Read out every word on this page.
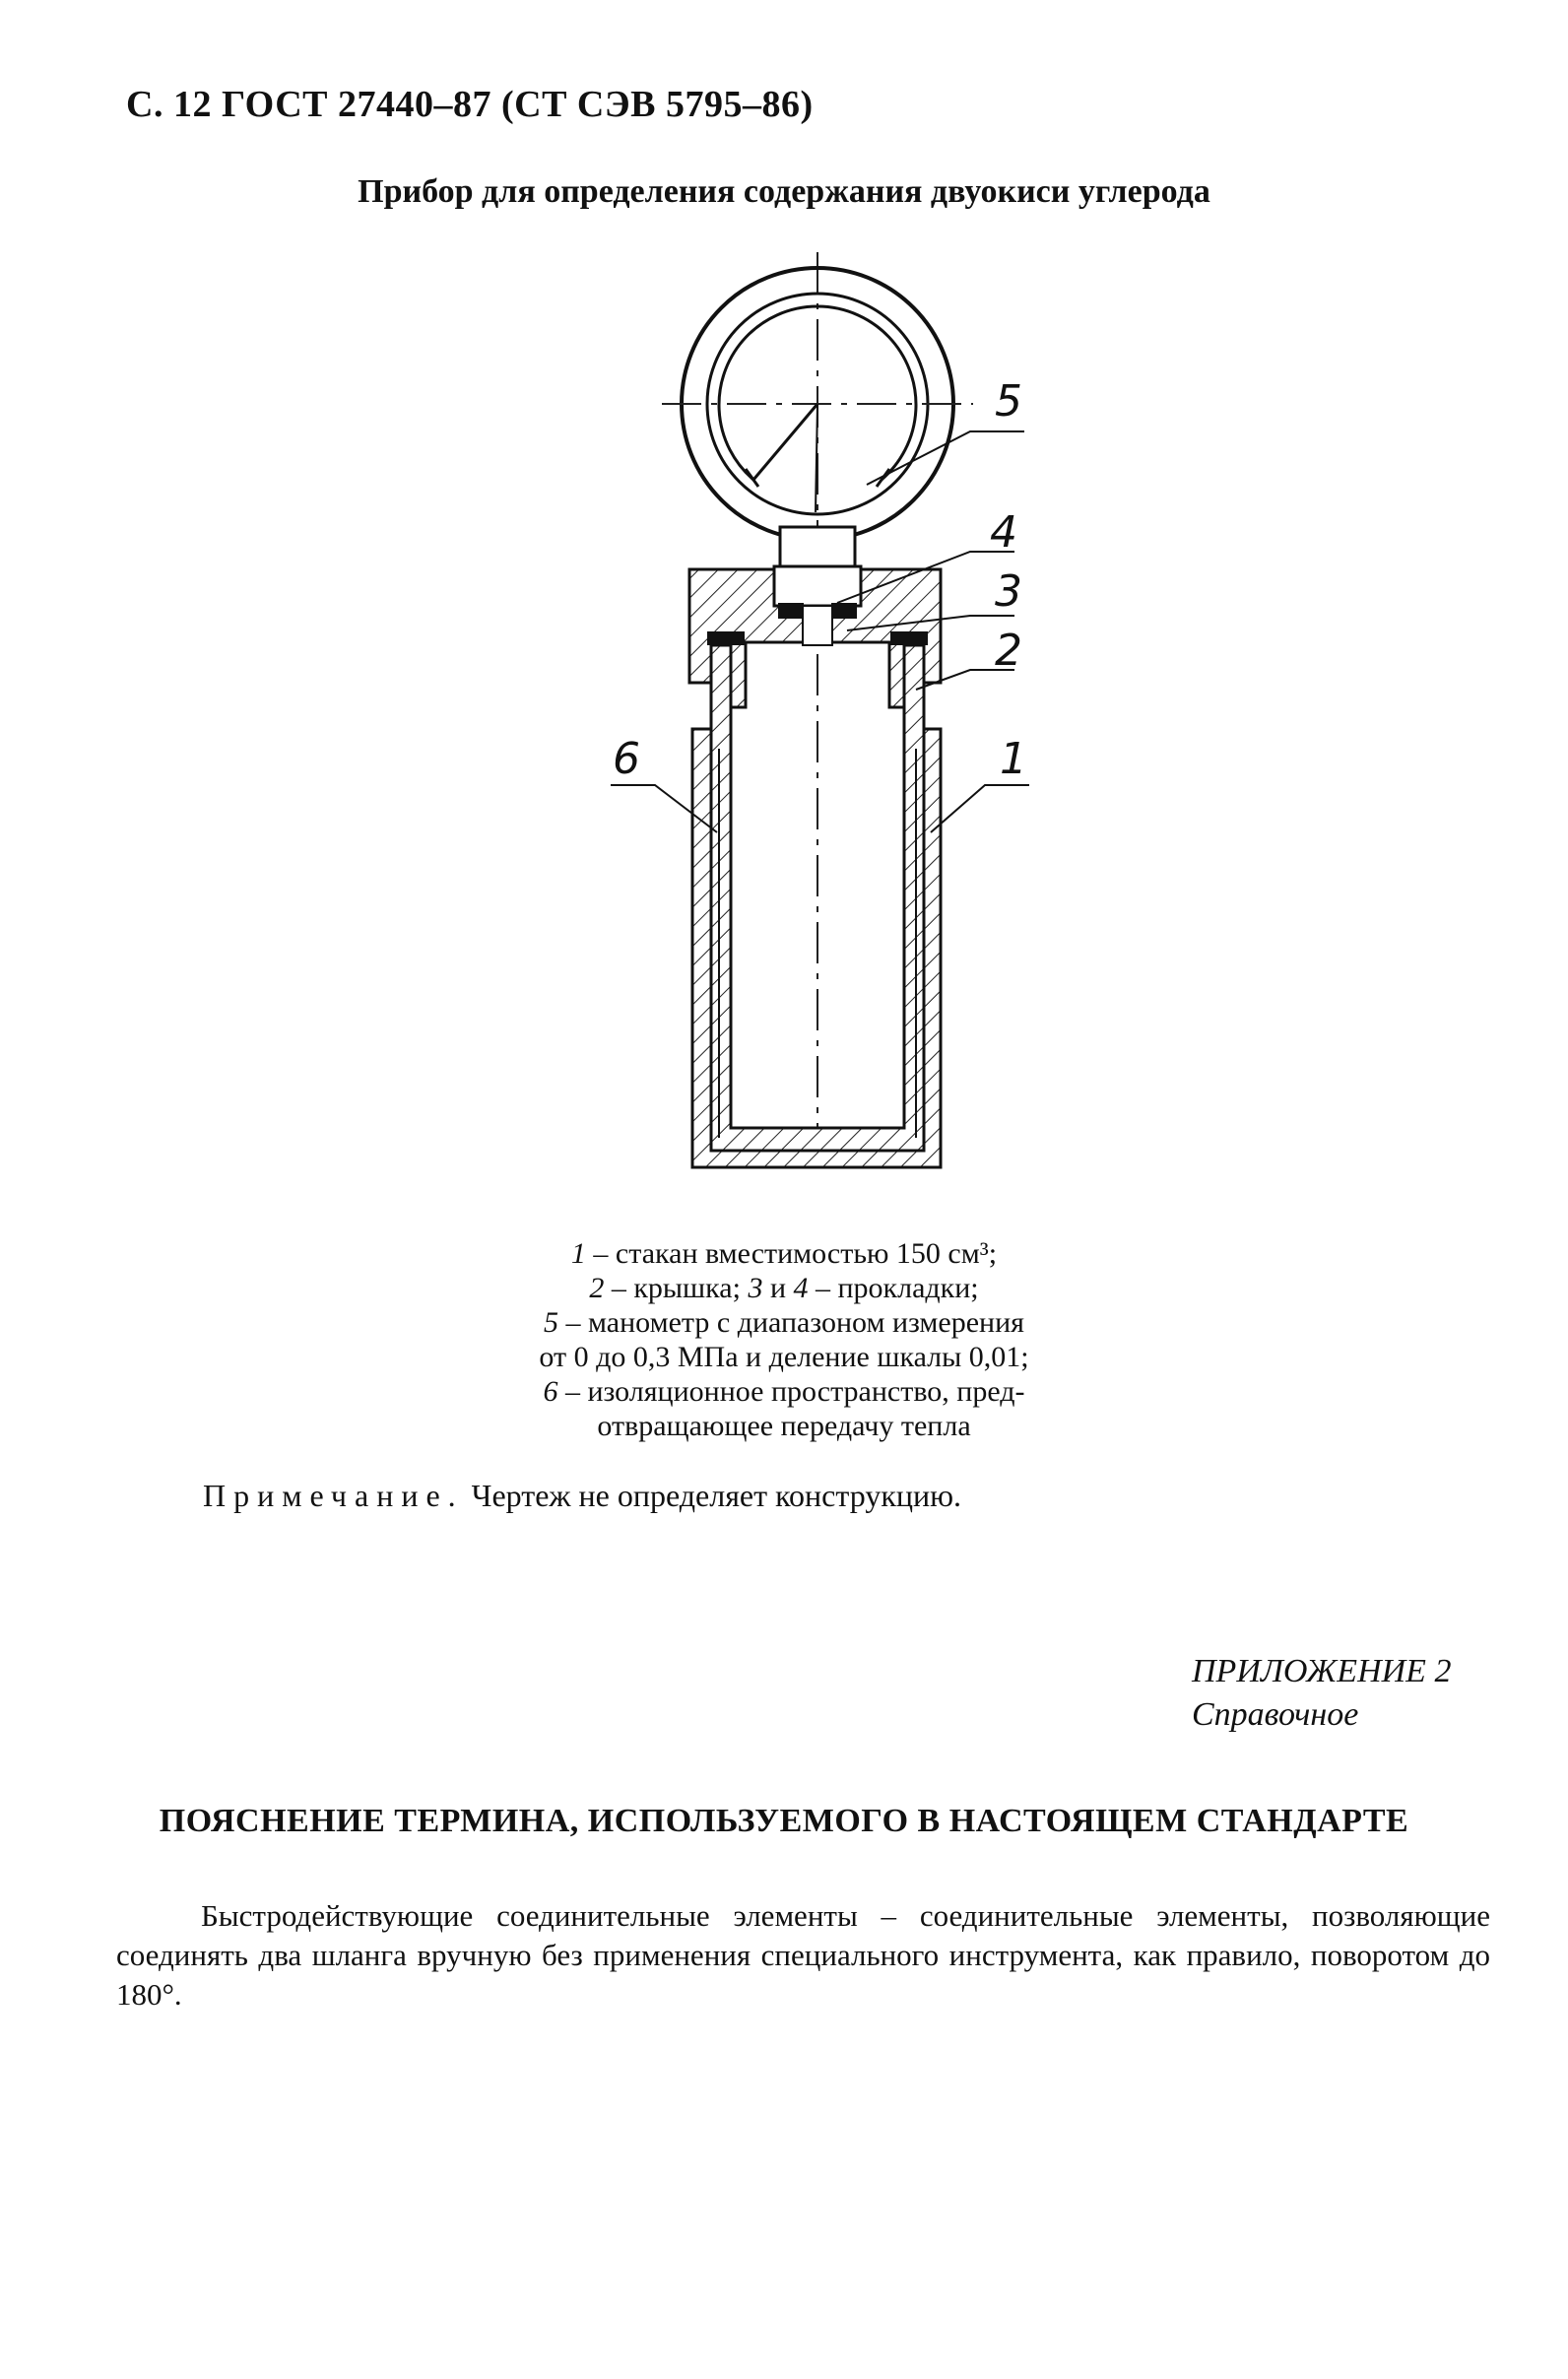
С. 12 ГОСТ 27440–87 (СТ СЭВ 5795–86)
Прибор для определения содержания двуокиси углерода
5
4
3
2
1
6
1 – стакан вместимостью 150 см³;
2 – крышка; 3 и 4 – прокладки;
5 – манометр с диапазоном измерения
от 0 до 0,3 МПа и деление шкалы 0,01;
6 – изоляционное пространство, пред-
отвращающее передачу тепла
Примечание. Чертеж не определяет конструкцию.
ПРИЛОЖЕНИЕ 2
Справочное
ПОЯСНЕНИЕ ТЕРМИНА, ИСПОЛЬЗУЕМОГО В НАСТОЯЩЕМ СТАНДАРТЕ
Быстродействующие соединительные элементы – соединительные элементы, позволяющие соединять два шланга вручную без применения специального инструмента, как правило, поворотом до 180°.
